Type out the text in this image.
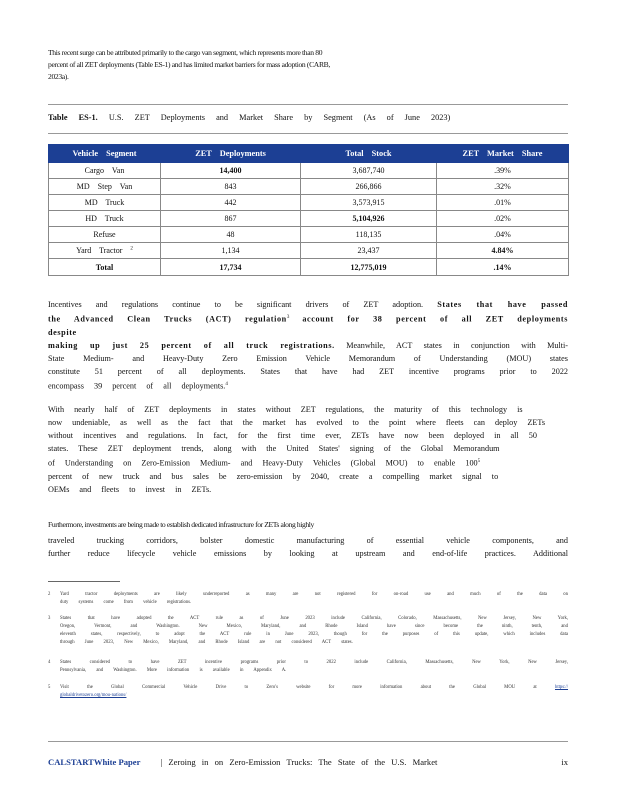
This recent surge can be attributed primarily to the cargo van segment, which represents more than 80

percent of all ZET deployments (Table ES-1) and has limited market barriers for mass adoption (CARB,

2023a).

Table ES-1. U.S. ZET Deployments and Market Share by Segment (As of June 2023)
Vehicle Segment	ZET Deployments	Total Stock	ZET Market Share
Cargo Van	14,400	3,687,740	.39%
MD Step Van	843	266,866	.32%
MD Truck	442	3,573,915	.01%
HD Truck	867	5,104,926	.02%
Refuse	48	118,135	.04%
Yard Tractor $^2$	1,134	23,437	4.84%
Total	17,734	12,775,019	.14%

Incentives and regulations continue to be significant drivers of ZET adoption. States that have passed

the Advanced Clean Trucks (ACT) regulation$^3$ account for 38 percent of all ZET deployments despite

making up just 25 percent of all truck registrations. Meanwhile, ACT states in conjunction with Multi-

State Medium- and Heavy-Duty Zero Emission Vehicle Memorandum of Understanding (MOU) states

constitute 51 percent of all deployments. States that have had ZET incentive programs prior to 2022

encompass 39 percent of all deployments.$^4$

With nearly half of ZET deployments in states without ZET regulations, the maturity of this technology is

now undeniable, as well as the fact that the market has evolved to the point where fleets can deploy ZETs

without incentives and regulations. In fact, for the first time ever, ZETs have now been deployed in all 50

states. These ZET deployment trends, along with the United States' signing of the Global Memorandum

of Understanding on Zero-Emission Medium- and Heavy-Duty Vehicles (Global MOU) to enable $100^5$

percent of new truck and bus sales be zero-emission by 2040, create a compelling market signal to

OEMs and fleets to invest in ZETs.

Furthermore, investments are being made to establish dedicated infrastructure for ZETs along highly

traveled trucking corridors, bolster domestic manufacturing of essential vehicle components, and

further reduce lifecycle vehicle emissions by looking at upstream and end-of-life practices. Additional

2 Yard tractor deployments are likely underreported as many are not registered for on-road use and much of the data on

duty systems come from vehicle registrations.

3 States that have adopted the ACT rule as of June 2023 include California, Colorado, Massachusetts, New Jersey, New York,

Oregon, Vermont, and Washington. New Mexico, Maryland, and Rhode Island have since become the ninth, tenth, and

eleventh states, respectively, to adopt the ACT rule in June 2023, though for the purposes of this update, which includes data

through June 2023, New Mexico, Maryland, and Rhode Island are not considered ACT states.

4 States considered to have ZET incentive programs prior to 2022 include California, Massachusetts, New York, New Jersey,

Pennsylvania, and Washington. More information is available in Appendix A.

5 Visit the Global Commercial Vehicle Drive to Zero's website for more information about the Global MOU at	https://

globaldrivetozero.org/mou-nations/

CALSTARTWhite Paper | Zeroing in on Zero-Emission Trucks: The State of the U.S. Market	ix
